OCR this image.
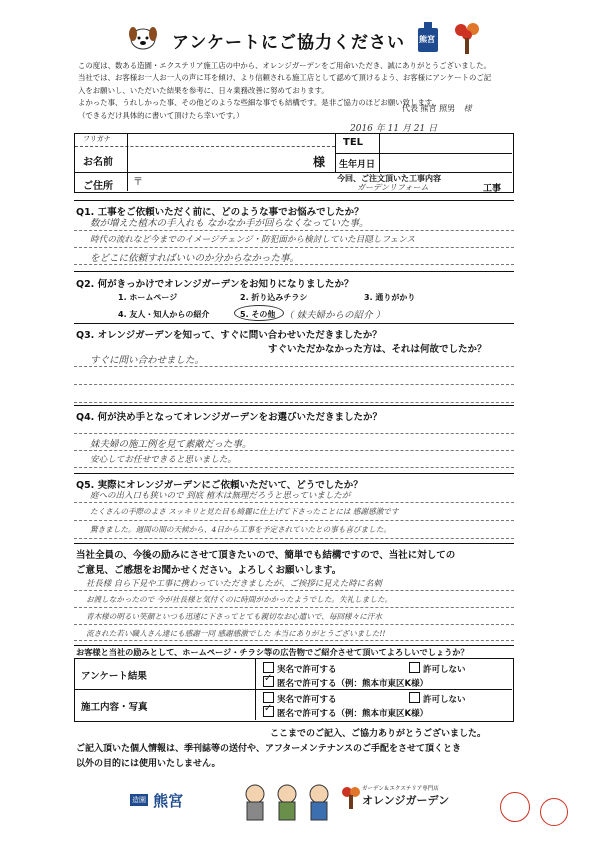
アンケートにご協力ください 熊宮
この度は、数ある造園・エクステリア施工店の中から、オレンジガーデンをご用命いただき、誠にありがとうございました。
当社では、お客様お一人お一人の声に耳を傾け、より信頼される施工店として認めて頂けるよう、お客様にアンケートのご記
入をお願いし、いただいた結果を参考に、日々業務改善に努めております。
よかった事、うれしかった事、その他どのような些細な事でも結構です。是非ご協力のほどお願い致します。
（できるだけ具体的に書いて頂けたら幸いです。）
代表 熊宮 照男 様
2016 年 11 月 21 日
フリガナ
お名前	様
TEL
生年月日
ご住所 〒	今回、ご注文頂いた工事内容
ガーデンリフォーム	工事
Q1. 工事をご依頼いただく前に、どのような事でお悩みでしたか？
数が増えた植木の手入れも なかなか手が回らなくなっていた事。
時代の流れなど今までのイメージチェンジ・防犯面から検討していた目隠しフェンス
をどこに依頼すればいいのか分からなかった事。
Q2. 何がきっかけでオレンジガーデンをお知りになりましたか？
1. ホームページ	2. 折り込みチラシ	3. 通りがかり
4. 友人・知人からの紹介	5. その他 （ 妹夫婦からの紹介 ）
Q3. オレンジガーデンを知って、すぐに問い合わせいただきましたか？
すぐいただかなかった方は、それは何故でしたか？
すぐに問い合わせました。
Q4. 何が決め手となってオレンジガーデンをお選びいただきましたか？
妹夫婦の施工例を見て素敵だった事。
安心してお任せできると思いました。
Q5. 実際にオレンジガーデンにご依頼いただいて、どうでしたか？
庭への出入口も狭いので 到底 植木は無理だろうと思っていましたが
たくさんの手際のよさ スッキリと見た目も綺麗に仕上げて下さったことには 感謝感激です
驚きました。週間の間の天候から、4日から工事を予定されていたとの事も喜びました。
当社全員の、今後の励みにさせて頂きたいので、簡単でも結構ですので、当社に対しての
ご意見、ご感想をお聞かせください。よろしくお願いします。
社長様 自ら下見や工事に携わっていただきましたが、ご挨拶に見えた時に名刺
お渡しなかったので 今が社長様と気付くのに時間がかかったようでした。失礼しました。
青木様の明るい笑顔といつも迅速に下さってとても親切なお心遣いで、毎回様々に汗水
流された若い職人さん達にも感謝一同 感謝感激でした 本当にありがとうございました!!
お客様と当社の励みとして、ホームページ・チラシ等の広告物でご紹介させて頂いてよろしいでしょうか？
アンケート結果
実名で許可する	許可しない
✓匿名で許可する（例：熊本市東区K様）
施工内容・写真
実名で許可する	許可しない
✓匿名で許可する（例：熊本市東区K様）
ここまでのご記入、ご協力ありがとうございました。
ご記入頂いた個人情報は、季刊誌等の送付や、アフターメンテナンスのご手配をさせて頂くとき
以外の目的には使用いたしません。
造園 熊宮
ガーデン＆エクステリア専門店
オレンジガーデン
